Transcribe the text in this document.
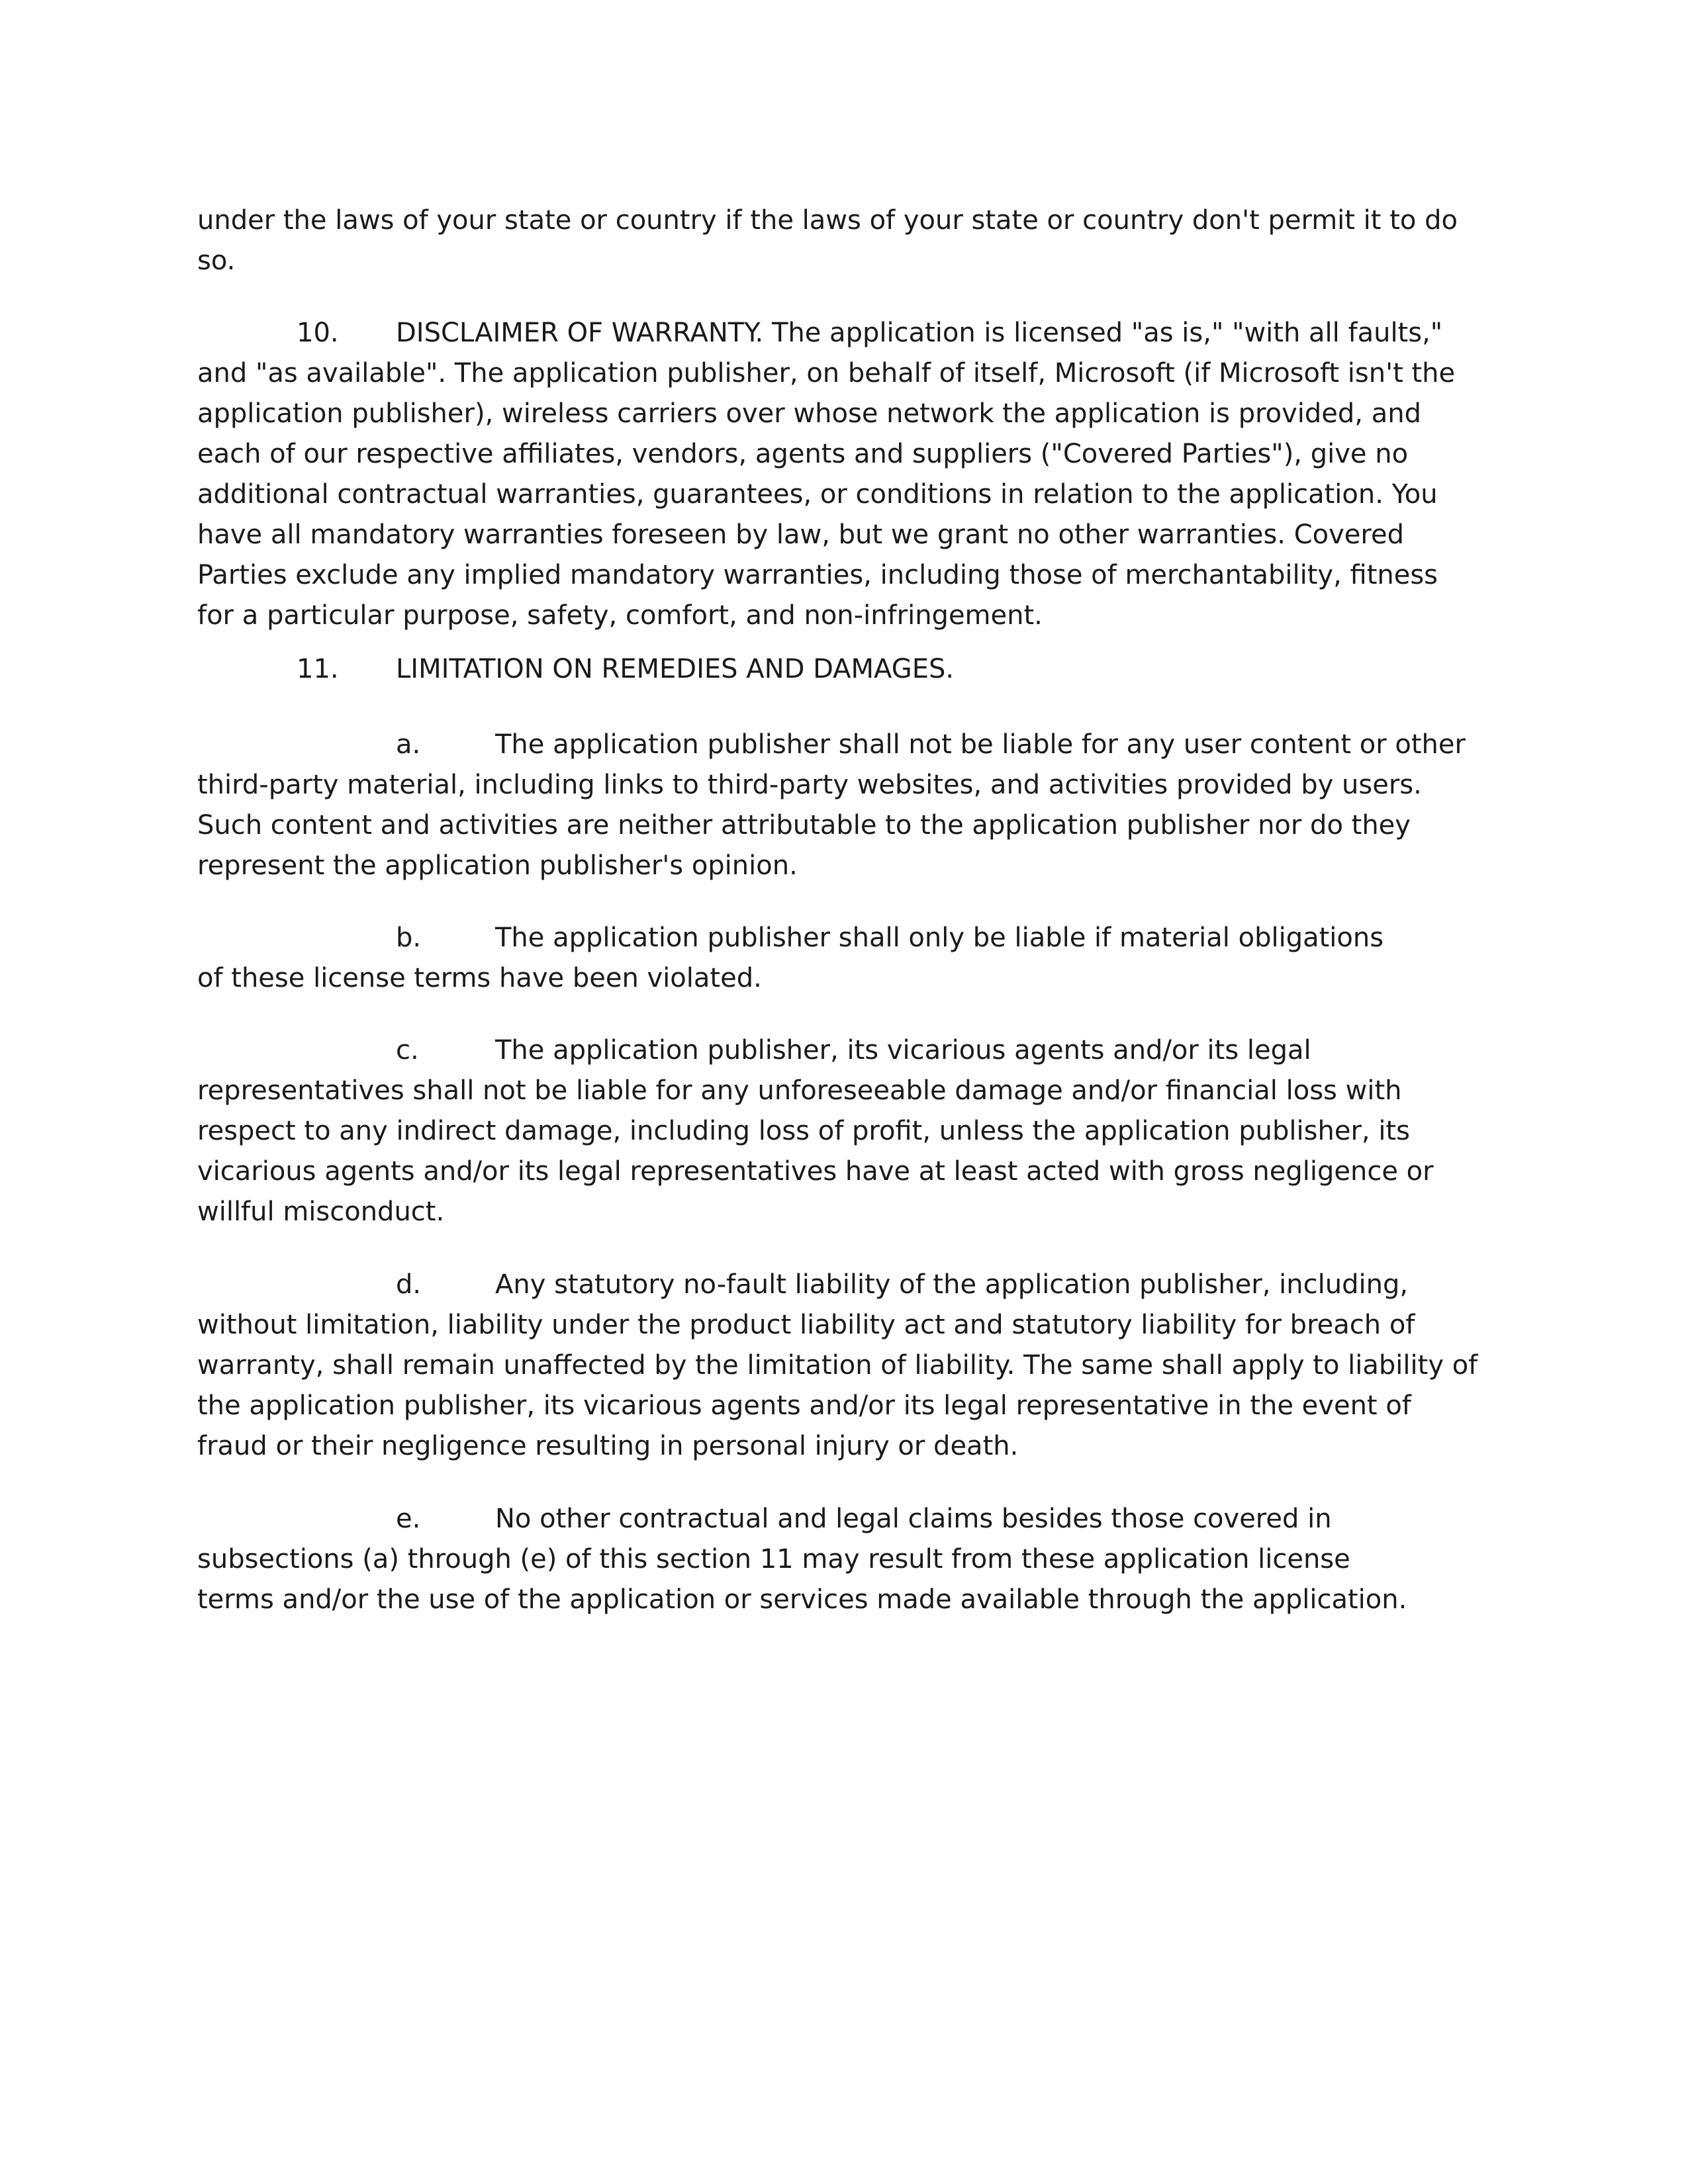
under the laws of your state or country if the laws of your state or country don't permit it to do

so.

10. DISCLAIMER OF WARRANTY. The application is licensed "as is," "with all faults,"

and "as available". The application publisher, on behalf of itself, Microsoft (if Microsoft isn't the

application publisher), wireless carriers over whose network the application is provided, and

each of our respective affiliates, vendors, agents and suppliers ("Covered Parties"), give no

additional contractual warranties, guarantees, or conditions in relation to the application. You

have all mandatory warranties foreseen by law, but we grant no other warranties. Covered

Parties exclude any implied mandatory warranties, including those of merchantability, fitness

for a particular purpose, safety, comfort, and non-infringement.

11. LIMITATION ON REMEDIES AND DAMAGES.

a.	The application publisher shall not be liable for any user content or other

third-party material, including links to third-party websites, and activities provided by users.

Such content and activities are neither attributable to the application publisher nor do they

represent the application publisher's opinion.

b.	The application publisher shall only be liable if material obligations

of these license terms have been violated.

c.	The application publisher, its vicarious agents and/or its legal

representatives shall not be liable for any unforeseeable damage and/or financial loss with

respect to any indirect damage, including loss of profit, unless the application publisher, its

vicarious agents and/or its legal representatives have at least acted with gross negligence or

willful misconduct.

d.	Any statutory no-fault liability of the application publisher, including,

without limitation, liability under the product liability act and statutory liability for breach of

warranty, shall remain unaffected by the limitation of liability. The same shall apply to liability of

the application publisher, its vicarious agents and/or its legal representative in the event of

fraud or their negligence resulting in personal injury or death.

e.	No other contractual and legal claims besides those covered in

subsections (a) through (e) of this section 11 may result from these application license

terms and/or the use of the application or services made available through the application.
